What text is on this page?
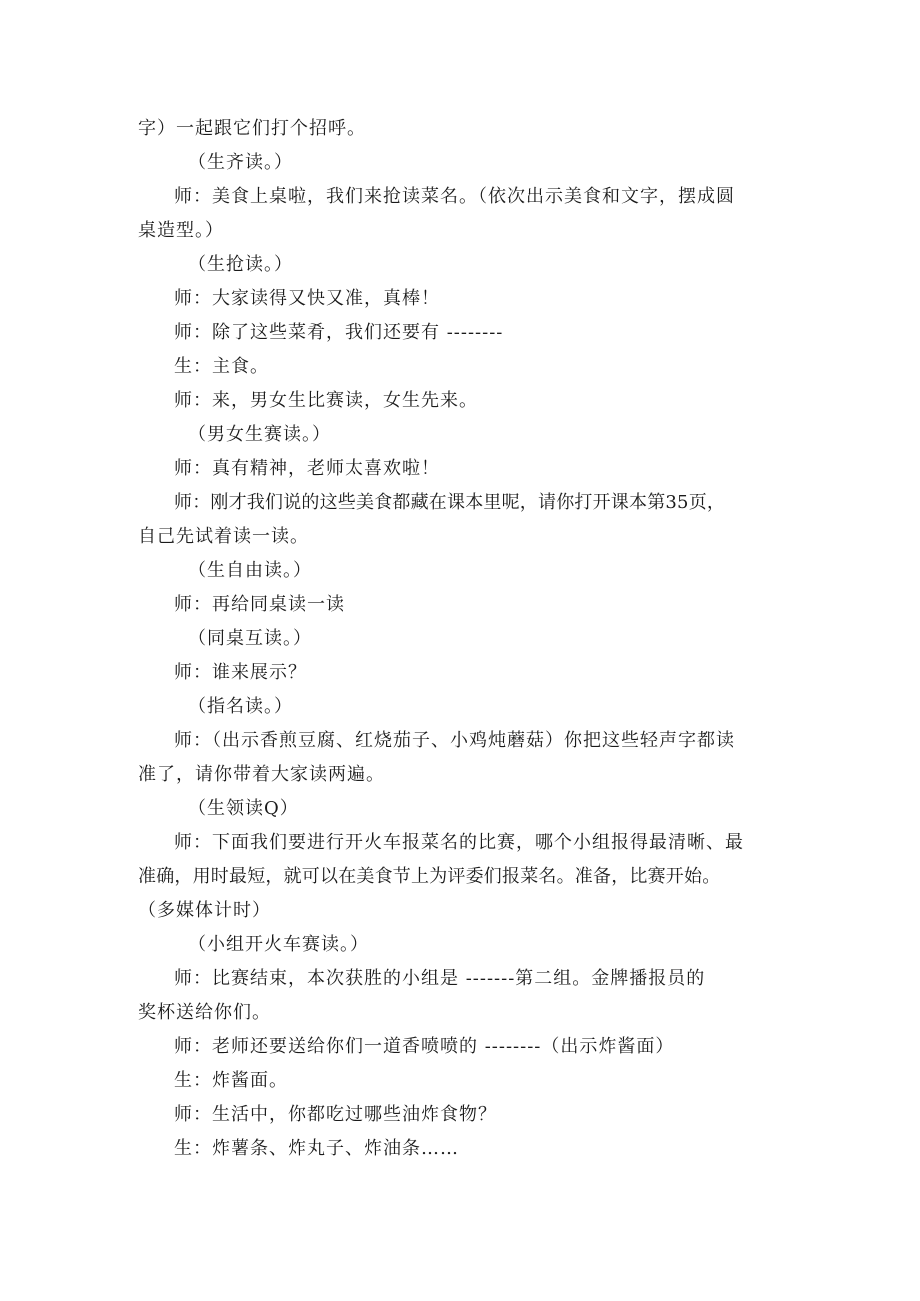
字）一起跟它们打个招呼。
（生齐读。）
师：美食上桌啦，我们来抢读菜名。（依次出示美食和文字，摆成圆
桌造型。）
（生抢读。）
师：大家读得又快又准，真棒！
师：除了这些菜肴，我们还要有 --------
生：主食。
师：来，男女生比赛读，女生先来。
（男女生赛读。）
师：真有精神，老师太喜欢啦！
师：刚才我们说的这些美食都藏在课本里呢，请你打开课本第35页，
自己先试着读一读。
（生自由读。）
师：再给同桌读一读
（同桌互读。）
师：谁来展示？
（指名读。）
师：（出示香煎豆腐、红烧茄子、小鸡炖蘑菇）你把这些轻声字都读
准了，请你带着大家读两遍。
（生领读Q）
师：下面我们要进行开火车报菜名的比赛，哪个小组报得最清晰、最
准确，用时最短，就可以在美食节上为评委们报菜名。准备，比赛开始。
（多媒体计时）
（小组开火车赛读。）
师：比赛结束，本次获胜的小组是 -------第二组。金牌播报员的
奖杯送给你们。
师：老师还要送给你们一道香喷喷的 --------（出示炸酱面）
生：炸酱面。
师：生活中，你都吃过哪些油炸食物？
生：炸薯条、炸丸子、炸油条……
